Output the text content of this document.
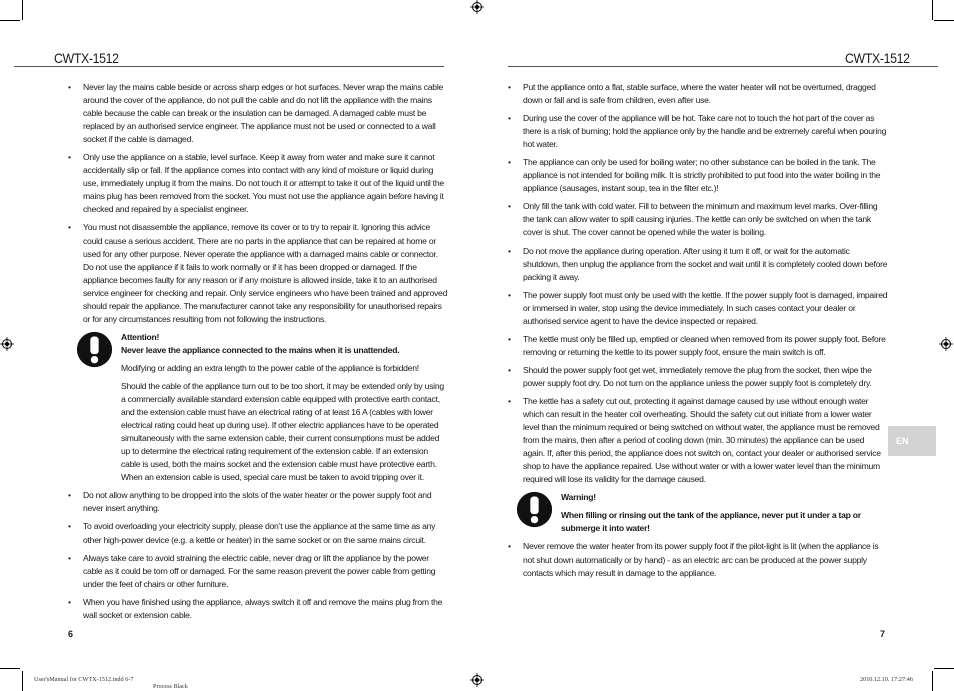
CWTX-1512	CWTX-1512
• Never lay the mains cable beside or across sharp edges or hot surfaces. Never wrap the mains cable around the cover of the appliance, do not pull the cable and do not lift the appliance with the mains cable because the cable can break or the insulation can be damaged. A damaged cable must be replaced by an authorised service engineer. The appliance must not be used or connected to a wall socket if the cable is damaged.

• Only use the appliance on a stable, level surface. Keep it away from water and make sure it cannot accidentally slip or fall. If the appliance comes into contact with any kind of moisture or liquid during use, immediately unplug it from the mains. Do not touch it or attempt to take it out of the liquid until the mains plug has been removed from the socket. You must not use the appliance again before having it checked and repaired by a specialist engineer.

• You must not disassemble the appliance, remove its cover or to try to repair it. Ignoring this advice could cause a serious accident. There are no parts in the appliance that can be repaired at home or used for any other purpose. Never operate the appliance with a damaged mains cable or connector. Do not use the appliance if it fails to work normally or if it has been dropped or damaged. If the appliance becomes faulty for any reason or if any moisture is allowed inside, take it to an authorised service engineer for checking and repair. Only service engineers who have been trained and approved should repair the appliance. The manufacturer cannot take any responsibility for unauthorised repairs or for any circumstances resulting from not following the instructions.

Attention!

Never leave the appliance connected to the mains when it is unattended.

Modifying or adding an extra length to the power cable of the appliance is forbidden!

Should the cable of the appliance turn out to be too short, it may be extended only by using a commercially available standard extension cable equipped with protective earth contact, and the extension cable must have an electrical rating of at least 16 A (cables with lower electrical rating could heat up during use). If other electric appliances have to be operated simultaneously with the same extension cable, their current consumptions must be added up to determine the electrical rating requirement of the extension cable. If an extension cable is used, both the mains socket and the extension cable must have protective earth. When an extension cable is used, special care must be taken to avoid tripping over it.

• Do not allow anything to be dropped into the slots of the water heater or the power supply foot and never insert anything.

• To avoid overloading your electricity supply, please don’t use the appliance at the same time as any other high-power device (e.g. a kettle or heater) in the same socket or on the same mains circuit.

• Always take care to avoid straining the electric cable, never drag or lift the appliance by the power cable as it could be torn off or damaged. For the same reason prevent the power cable from getting under the feet of chairs or other furniture.

• When you have finished using the appliance, always switch it off and remove the mains plug from the wall socket or extension cable.

• Put the appliance onto a flat, stable surface, where the water heater will not be overturned, dragged down or fall and is safe from children, even after use.

• During use the cover of the appliance will be hot. Take care not to touch the hot part of the cover as there is a risk of burning; hold the appliance only by the handle and be extremely careful when pouring hot water.

• The appliance can only be used for boiling water; no other substance can be boiled in the tank. The appliance is not intended for boiling milk. It is strictly prohibited to put food into the water boiling in the appliance (sausages, instant soup, tea in the filter etc.)!

• Only fill the tank with cold water. Fill to between the minimum and maximum level marks. Over-filling the tank can allow water to spill causing injuries. The kettle can only be switched on when the tank cover is shut. The cover cannot be opened while the water is boiling.

• Do not move the appliance during operation. After using it turn it off, or wait for the automatic shutdown, then unplug the appliance from the socket and wait until it is completely cooled down before packing it away.

• The power supply foot must only be used with the kettle. If the power supply foot is damaged, impaired or immersed in water, stop using the device immediately. In such cases contact your dealer or authorised service agent to have the device inspected or repaired.

• The kettle must only be filled up, emptied or cleaned when removed from its power supply foot. Before removing or returning the kettle to its power supply foot, ensure the main switch is off.

• Should the power supply foot get wet, immediately remove the plug from the socket, then wipe the power supply foot dry. Do not turn on the appliance unless the power supply foot is completely dry.

• The kettle has a safety cut out, protecting it against damage caused by use without enough water which can result in the heater coil overheating. Should the safety cut out initiate from a lower water level than the minimum required or being switched on without water, the appliance must be removed from the mains, then after a period of cooling down (min. 30 minutes) the appliance can be used again. If, after this period, the appliance does not switch on, contact your dealer or authorised service shop to have the appliance repaired. Use without water or with a lower water level than the minimum required will lose its validity for the damage caused.

Warning!

When filling or rinsing out the tank of the appliance, never put it under a tap or submerge it into water!

• Never remove the water heater from its power supply foot if the pilot-light is lit (when the appliance is not shut down automatically or by hand) - as an electric arc can be produced at the power supply contacts which may result in damage to the appliance.

EN
6	7
User'sManual for CWTX-1512.indd 6-7
Process Black
2010.12.10. 17:27:46
